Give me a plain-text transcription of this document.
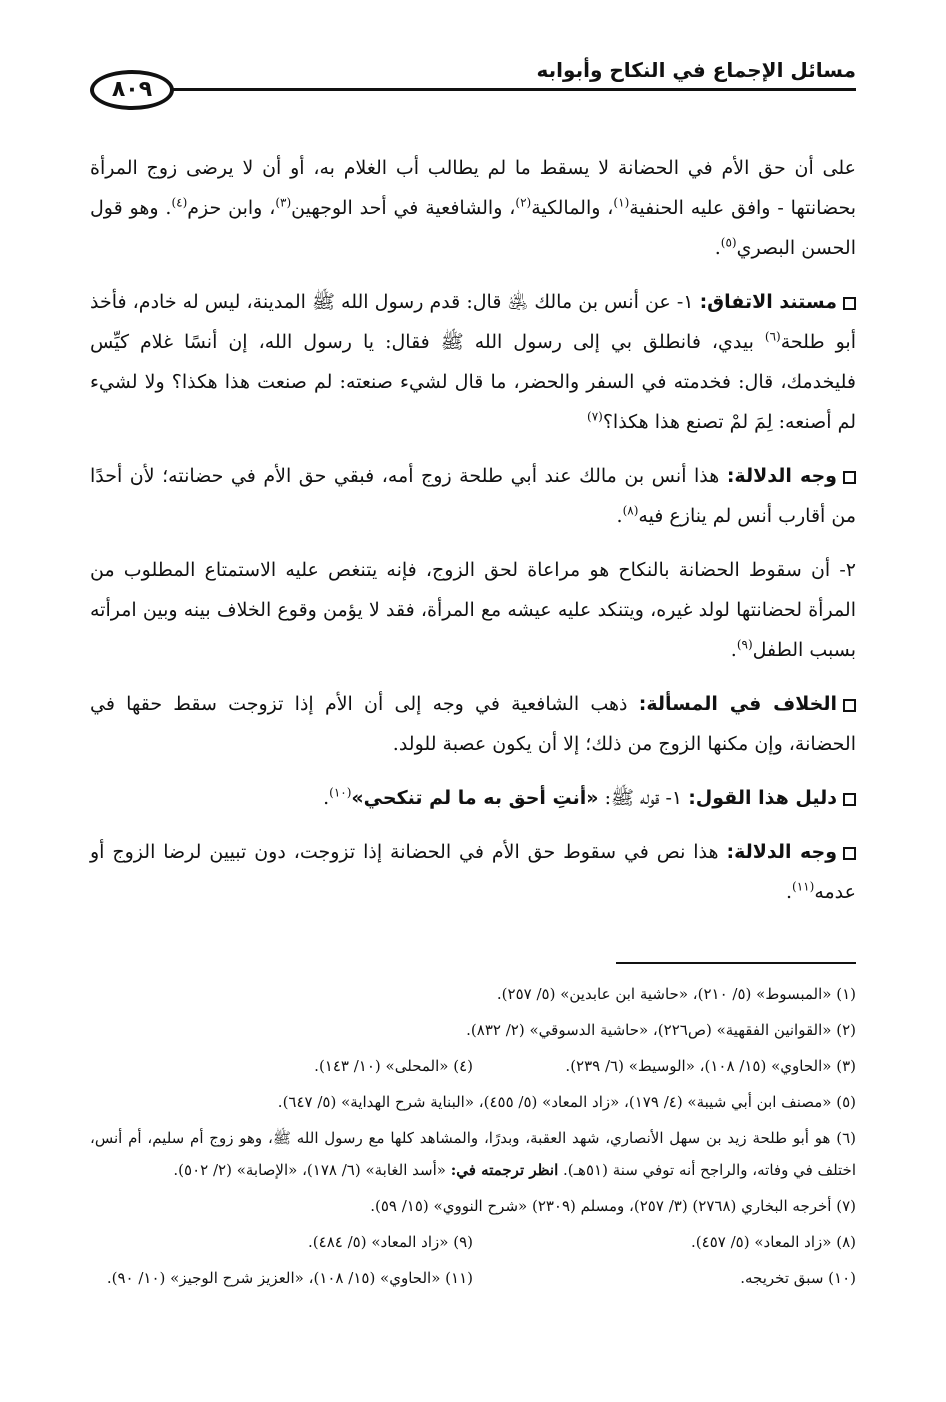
مسائل الإجماع في النكاح وأبوابه
٨٠٩

على أن حق الأم في الحضانة لا يسقط ما لم يطالب أب الغلام به، أو أن لا يرضى زوج المرأة بحضانتها - وافق عليه الحنفية$^{(١)}$، والمالكية$^{(٢)}$، والشافعية في أحد الوجهين$^{(٣)}$، وابن حزم$^{(٤)}$. وهو قول الحسن البصري$^{(٥)}$.

مستند الاتفاق: ١- عن أنس بن مالك ﵁ قال: قدم رسول الله ﷺ المدينة، ليس له خادم، فأخذ أبو طلحة$^{(٦)}$ بيدي، فانطلق بي إلى رسول الله ﷺ فقال: يا رسول الله، إن أنسًا غلام كيِّس فليخدمك، قال: فخدمته في السفر والحضر، ما قال لشيء صنعته: لم صنعت هذا هكذا؟ ولا لشيء لم أصنعه: لِمَ لمْ تصنع هذا هكذا؟$^{(٧)}$

وجه الدلالة: هذا أنس بن مالك عند أبي طلحة زوج أمه، فبقي حق الأم في حضانته؛ لأن أحدًا من أقارب أنس لم ينازع فيه$^{(٨)}$.

٢- أن سقوط الحضانة بالنكاح هو مراعاة لحق الزوج، فإنه يتنغص عليه الاستمتاع المطلوب من المرأة لحضانتها لولد غيره، ويتنكد عليه عيشه مع المرأة، فقد لا يؤمن وقوع الخلاف بينه وبين امرأته بسبب الطفل$^{(٩)}$.

الخلاف في المسألة: ذهب الشافعية في وجه إلى أن الأم إذا تزوجت سقط حقها في الحضانة، وإن مكنها الزوج من ذلك؛ إلا أن يكون عصبة للولد.

دليل هذا القول: ١- قوله ﷺ: «أنتِ أحق به ما لم تنكحي»$^{(١٠)}$.

وجه الدلالة: هذا نص في سقوط حق الأم في الحضانة إذا تزوجت، دون تبيين لرضا الزوج أو عدمه$^{(١١)}$.

(١) «المبسوط» (٥/ ٢١٠)، «حاشية ابن عابدين» (٥/ ٢٥٧).
(٢) «القوانين الفقهية» (ص٢٢٦)، «حاشية الدسوقي» (٢/ ٨٣٢).
(٣) «الحاوي» (١٥/ ١٠٨)، «الوسيط» (٦/ ٢٣٩).
(٤) «المحلى» (١٠/ ١٤٣).
(٥) «مصنف ابن أبي شيبة» (٤/ ١٧٩)، «زاد المعاد» (٥/ ٤٥٥)، «البناية شرح الهداية» (٥/ ٦٤٧).
(٦) هو أبو طلحة زيد بن سهل الأنصاري، شهد العقبة، وبدرًا، والمشاهد كلها مع رسول الله ﷺ، وهو زوج أم سليم، أم أنس، اختلف في وفاته، والراجح أنه توفي سنة (٥١هـ). انظر ترجمته في: «أسد الغابة» (٦/ ١٧٨)، «الإصابة» (٢/ ٥٠٢).
(٧) أخرجه البخاري (٢٧٦٨) (٣/ ٢٥٧)، ومسلم (٢٣٠٩) «شرح النووي» (١٥/ ٥٩).
(٨) «زاد المعاد» (٥/ ٤٥٧).
(٩) «زاد المعاد» (٥/ ٤٨٤).
(١٠) سبق تخريجه.
(١١) «الحاوي» (١٥/ ١٠٨)، «العزيز شرح الوجيز» (١٠/ ٩٠).
